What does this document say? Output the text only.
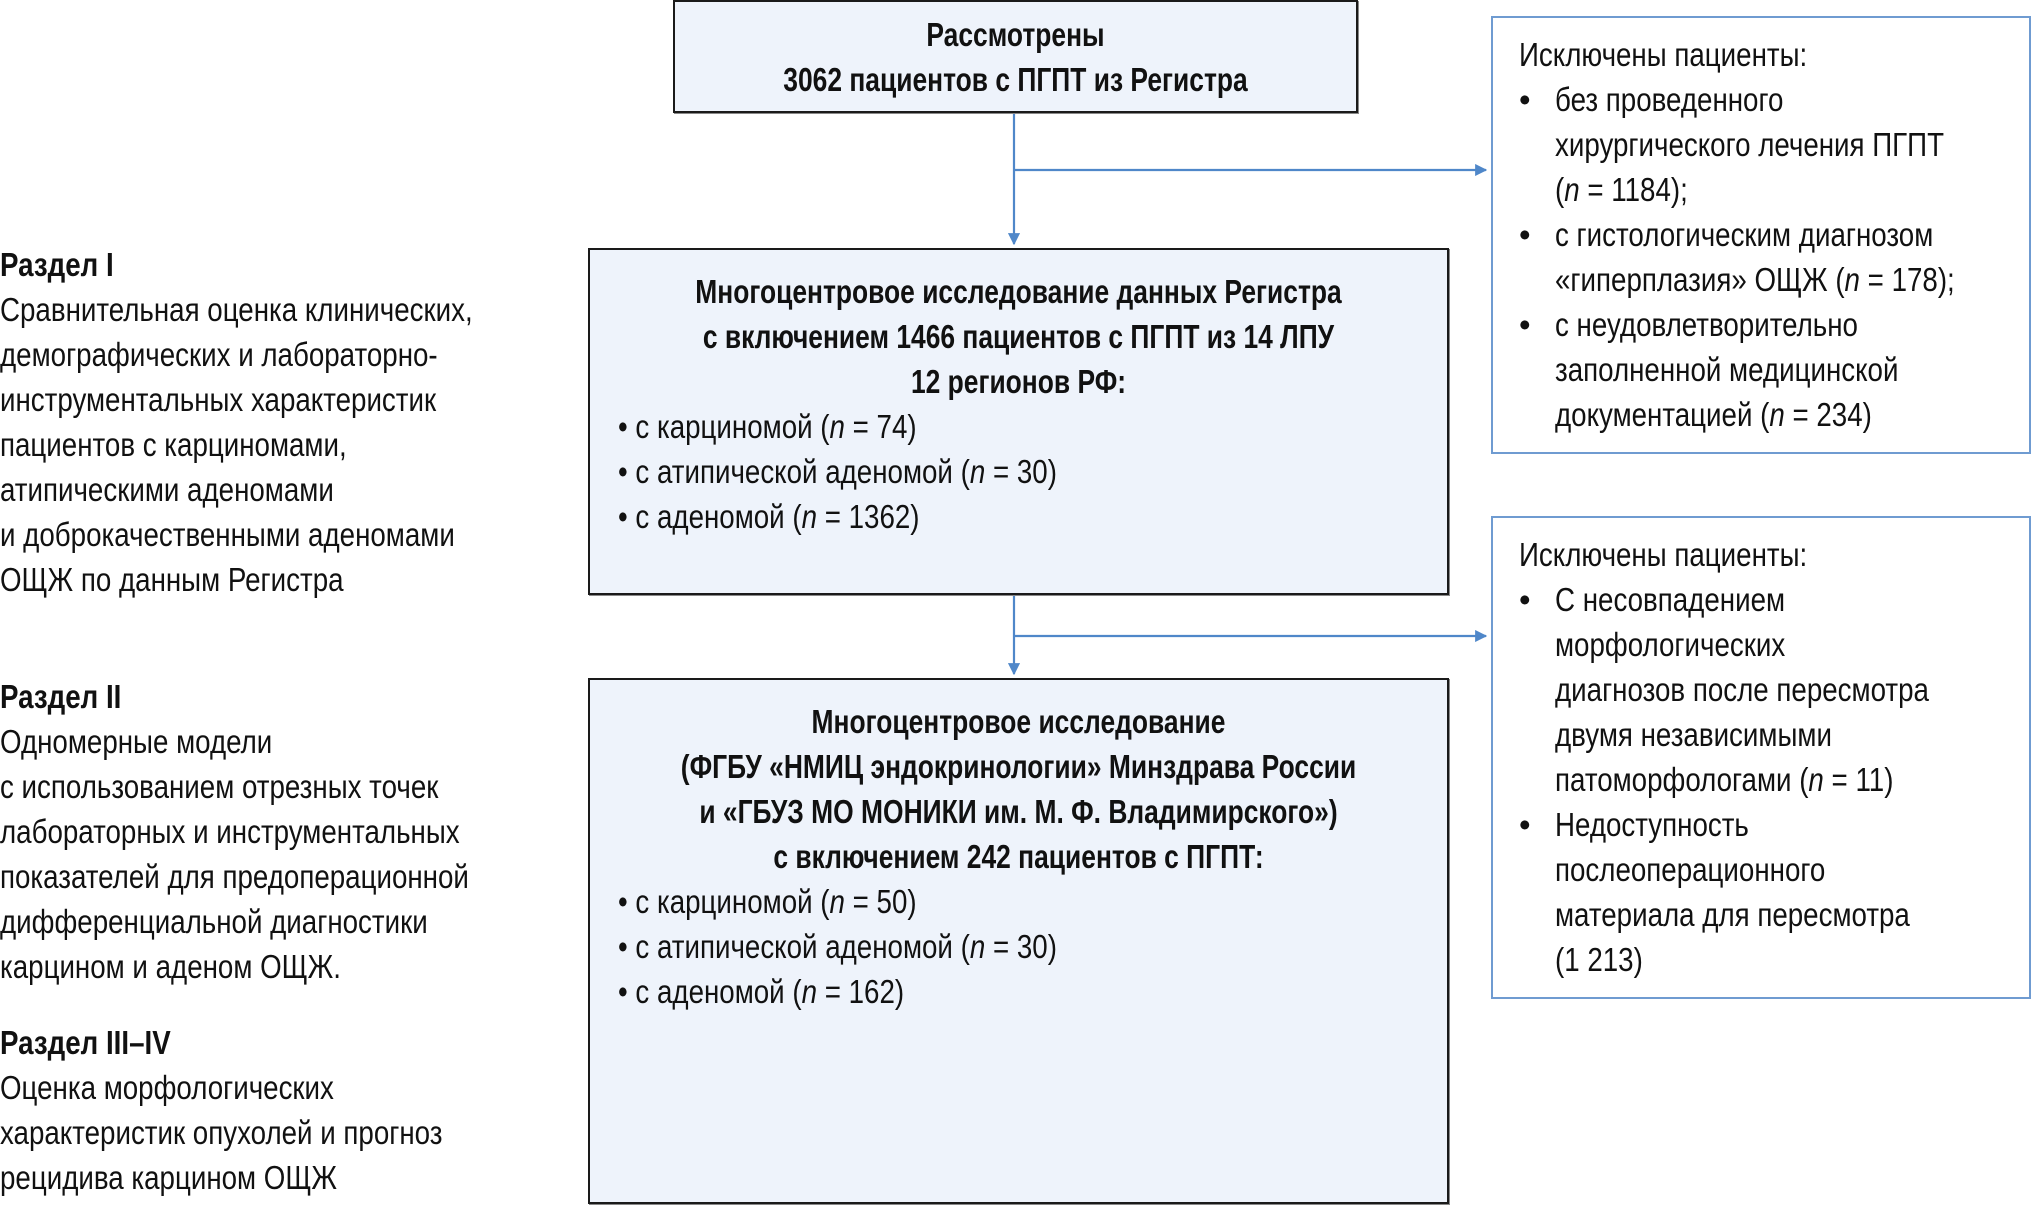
Рассмотрены
3062 пациентов с ПГПТ из Регистра
Многоцентровое исследование данных Регистра
с включением 1466 пациентов с ПГПТ из 14 ЛПУ
12 регионов РФ:
• с карциномой (n = 74)
• с атипической аденомой (n = 30)
• с аденомой (n = 1362)
Многоцентровое исследование
(ФГБУ «НМИЦ эндокринологии» Минздрава России
и «ГБУЗ МО МОНИКИ им. М. Ф. Владимирского»)
с включением 242 пациентов с ПГПТ:
• с карциномой (n = 50)
• с атипической аденомой (n = 30)
• с аденомой (n = 162)
Исключены пациенты:
• без проведенного
хирургического лечения ПГПТ
(n = 1184);
• с гистологическим диагнозом
«гиперплазия» ОЩЖ (n = 178);
• с неудовлетворительно
заполненной медицинской
документацией (n = 234)
Исключены пациенты:
• С несовпадением
морфологических
диагнозов после пересмотра
двумя независимыми
патоморфологами (n = 11)
• Недоступность
послеоперационного
материала для пересмотра
(1 213)
Раздел I
Сравнительная оценка клинических,
демографических и лабораторно-
инструментальных характеристик
пациентов с карциномами,
атипическими аденомами
и доброкачественными аденомами
ОЩЖ по данным Регистра
Раздел II
Одномерные модели
с использованием отрезных точек
лабораторных и инструментальных
показателей для предоперационной
дифференциальной диагностики
карцином и аденом ОЩЖ.
Раздел III–IV
Оценка морфологических
характеристик опухолей и прогноз
рецидива карцином ОЩЖ
